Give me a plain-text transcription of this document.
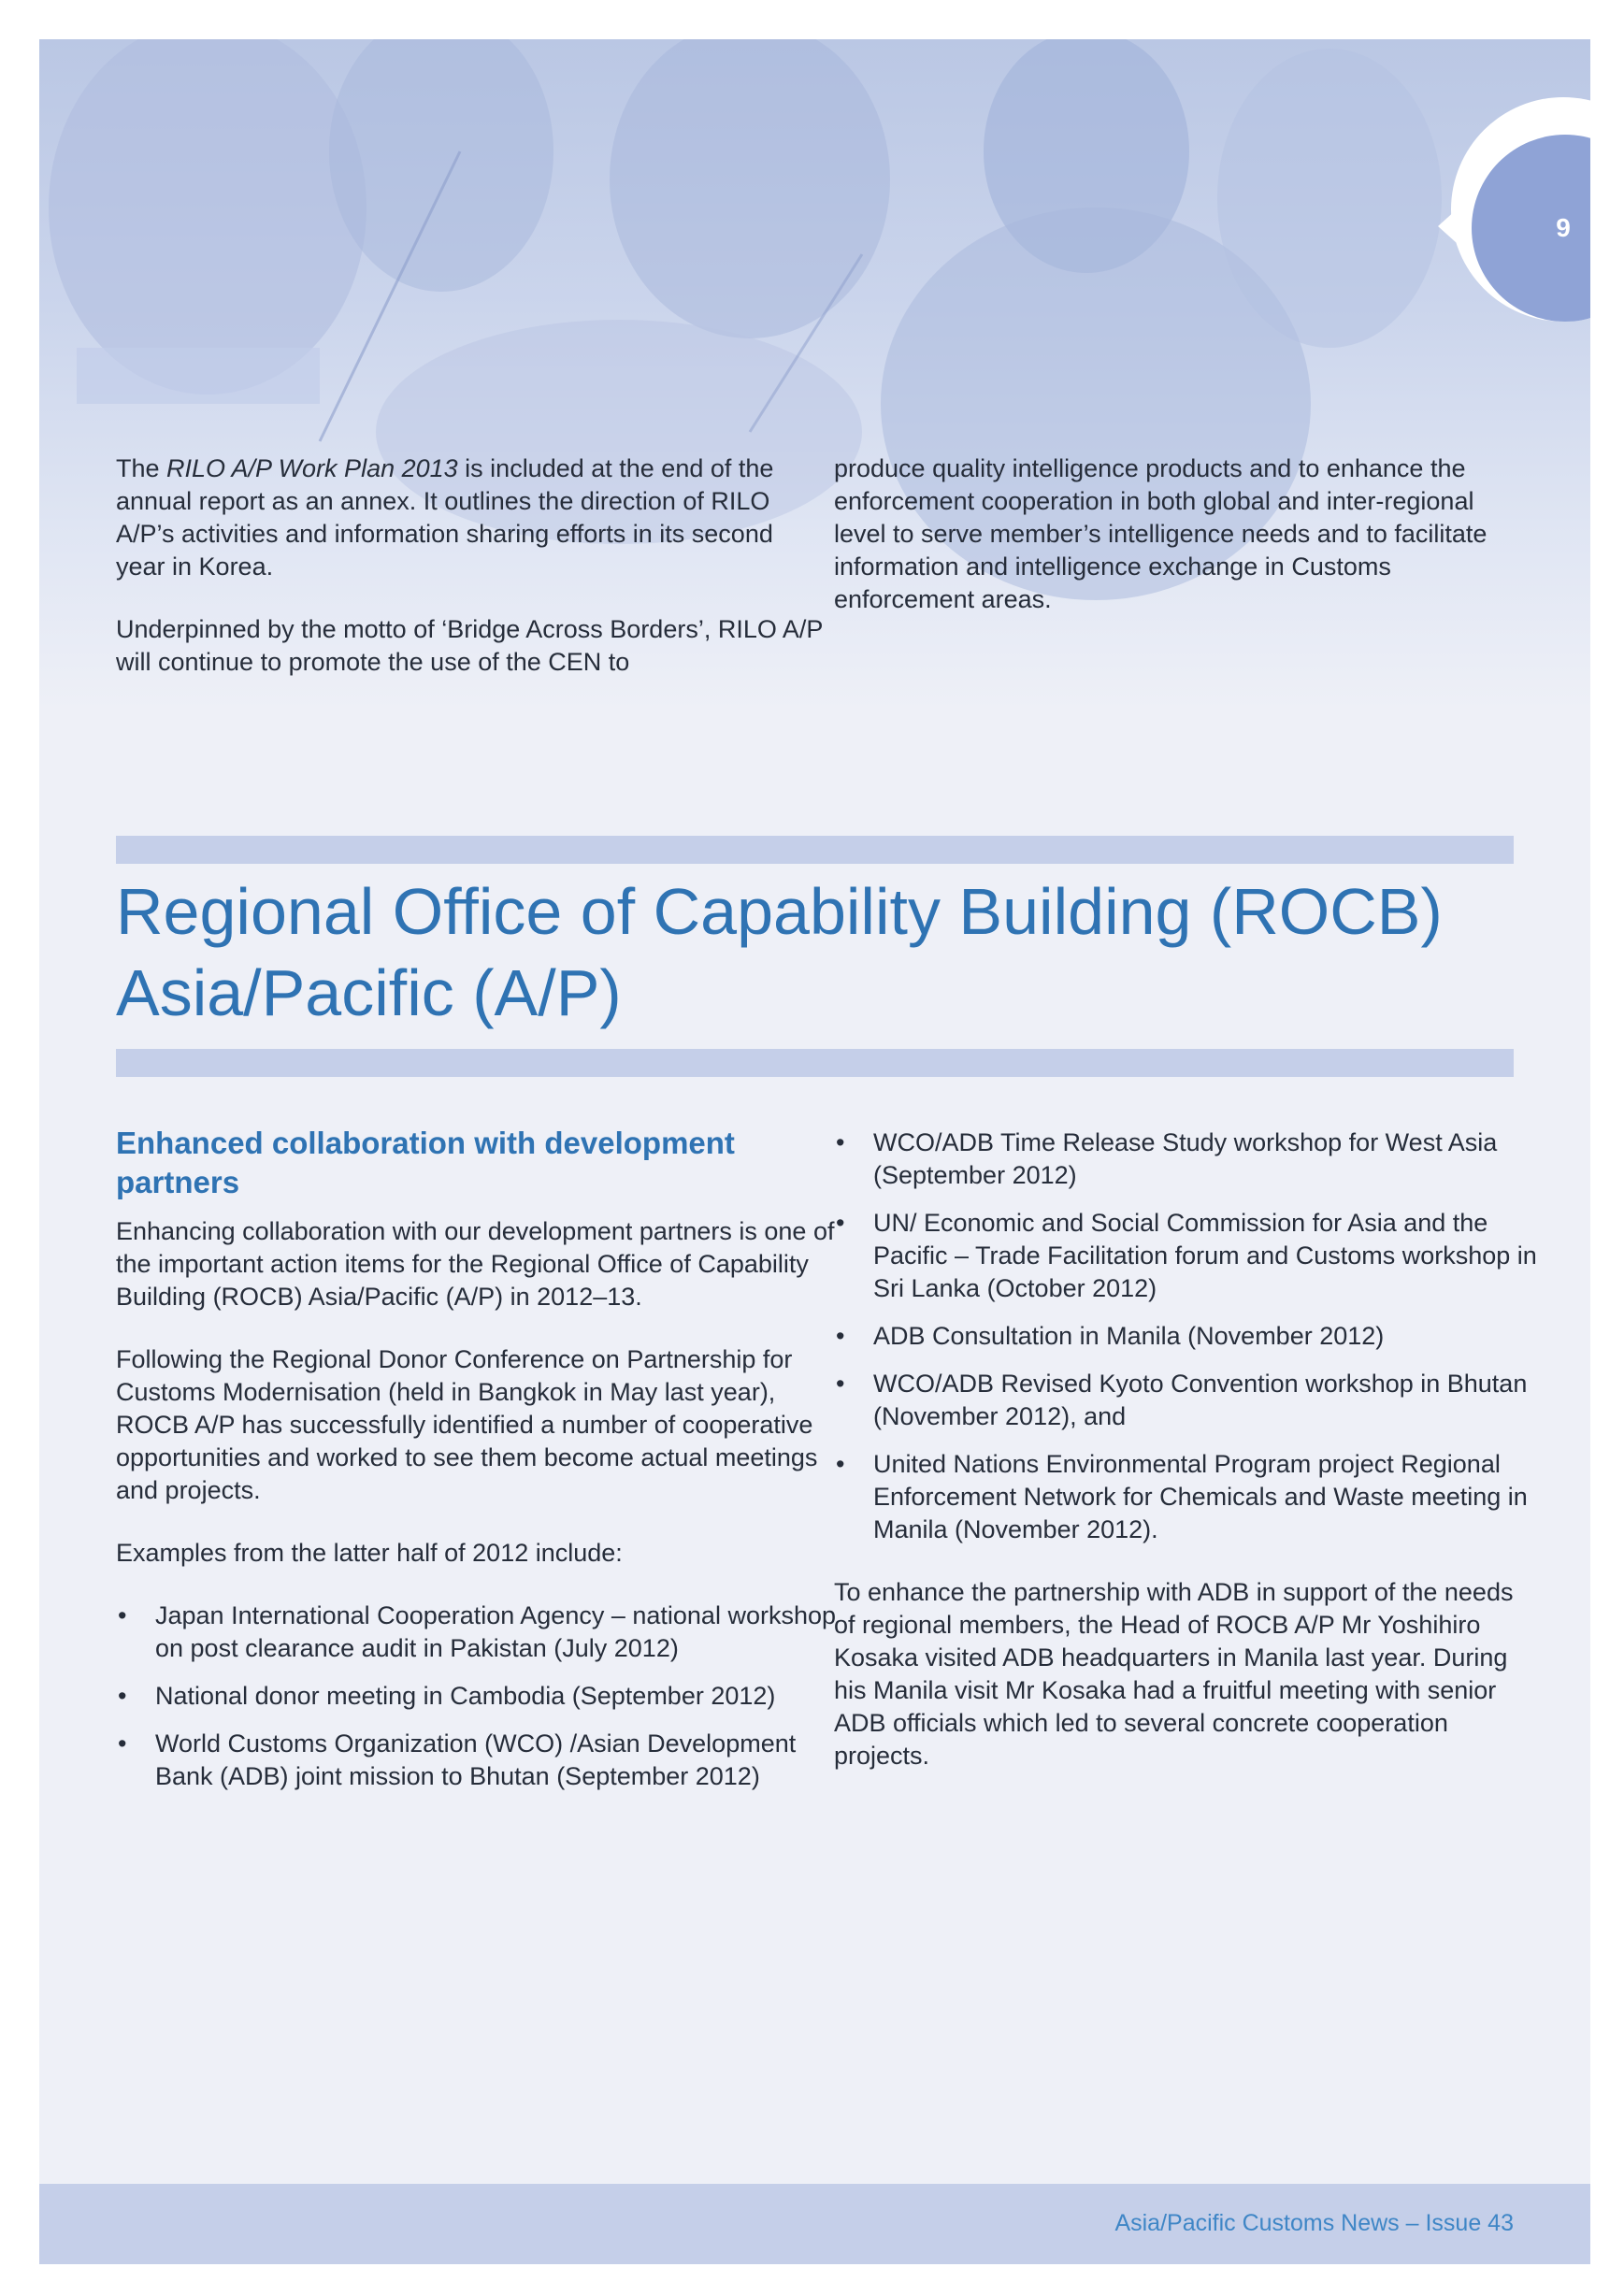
9

The RILO A/P Work Plan 2013 is included at the end of the annual report as an annex. It outlines the direction of RILO A/P’s activities and information sharing efforts in its second year in Korea.

Underpinned by the motto of ‘Bridge Across Borders’, RILO A/P will continue to promote the use of the CEN to

produce quality intelligence products and to enhance the enforcement cooperation in both global and inter-regional level to serve member’s intelligence needs and to facilitate information and intelligence exchange in Customs enforcement areas.

Regional Office of Capability Building (ROCB) Asia/Pacific (A/P)
Enhanced collaboration with development partners

Enhancing collaboration with our development partners is one of the important action items for the Regional Office of Capability Building (ROCB) Asia/Pacific (A/P) in 2012–13.

Following the Regional Donor Conference on Partnership for Customs Modernisation (held in Bangkok in May last year), ROCB A/P has successfully identified a number of cooperative opportunities and worked to see them become actual meetings and projects.

Examples from the latter half of 2012 include:

• Japan International Cooperation Agency – national workshop on post clearance audit in Pakistan (July 2012)
• National donor meeting in Cambodia (September 2012)
• World Customs Organization (WCO) /Asian Development Bank (ADB) joint mission to Bhutan (September 2012)
• WCO/ADB Time Release Study workshop for West Asia (September 2012)
• UN/ Economic and Social Commission for Asia and the Pacific – Trade Facilitation forum and Customs workshop in Sri Lanka (October 2012)
• ADB Consultation in Manila (November 2012)
• WCO/ADB Revised Kyoto Convention workshop in Bhutan (November 2012), and
• United Nations Environmental Program project Regional Enforcement Network for Chemicals and Waste meeting in Manila (November 2012).

To enhance the partnership with ADB in support of the needs of regional members, the Head of ROCB A/P Mr Yoshihiro Kosaka visited ADB headquarters in Manila last year. During his Manila visit Mr Kosaka had a fruitful meeting with senior ADB officials which led to several concrete cooperation projects.

Asia/Pacific Customs News – Issue 43
